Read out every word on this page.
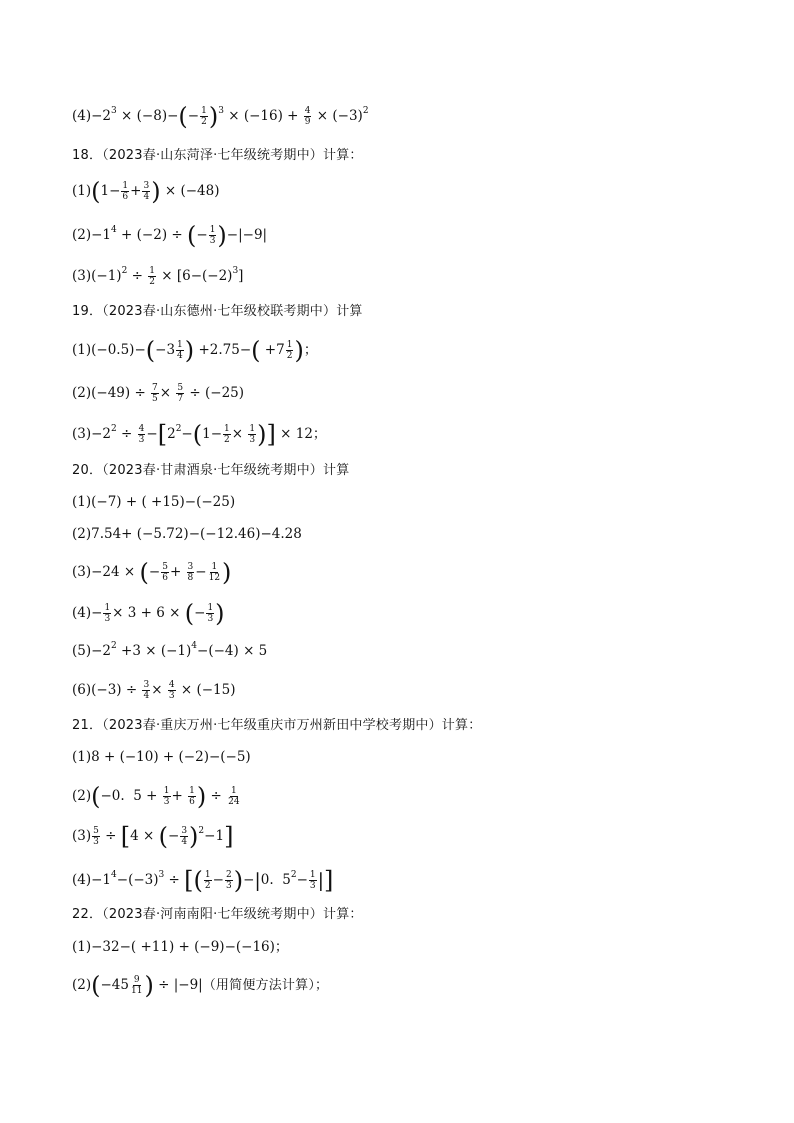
$(4)-2^3 \times (-8)-(- \frac{1}{2} )^3 \times (-16) + \frac{4}{9} \times (-3)^2$
18．（2023春·山东菏泽·七年级统考期中）计算：
$(1)(1- \frac{1}{6} + \frac{3}{4}$ ) × (−48)
$(2)-1^4 + (-2)$ ÷ (− $\frac{1}{3} )-|-9|$
$(3)(-1)^2 \div \frac{1}{2} \times [6-(-2)^3]$
19．（2023春·山东德州·七年级校联考期中）计算
$(1)(-0.5)-(-3 \frac{1}{4}$ ) $+2.75-( +7 \frac{1}{2}$ )；
$(2)(-49) \div \frac{7}{5} \times \frac{5}{7} \div (-25)$
$(3)-2^2 \div \frac{4}{3} -[2^2-(1- \frac{1}{2} \times \frac{1}{3}$ )] × 12；
20．（2023春·甘肃酒泉·七年级统考期中）计算
(1)(−7) + ( +15)−(−25)
(2)7.54+ (−5.72)−(−12.46)−4.28
(3)−24 × (− $\frac{5}{6} + \frac{3}{8} - \frac{1}{12}$ )
$(4)- \frac{1}{3} \times 3 + 6$ × (− $\frac{1}{3}$ )
$(5)-2^2 +3 \times (-1)^4-(-4) \times 5$
$(6)(-3) \div \frac{3}{4} \times \frac{4}{3} \times (-15)$
21．（2023春·重庆万州·七年级重庆市万州新田中学校考期中）计算：
(1)8 + (−10) + (−2)−(−5)
(2)(−0.  $5 + \frac{1}{3} + \frac{1}{6}$ ) ÷ $\frac{1}{24}$
$(3) \frac{5}{3} \div [4$ × (− $\frac{3}{4} )^2-1$]
$(4)-1^4-(-3)^3$ ÷ [( $\frac{1}{2} - \frac{2}{3} )-|0$.  $5^2- \frac{1}{3}$ |]
22．（2023春·河南南阳·七年级统考期中）计算：
(1)−32−( +11) + (−9)−(−16)；
$(2)(-45 \frac{9}{11}$ ) ÷ |−9|（用简便方法计算）；
